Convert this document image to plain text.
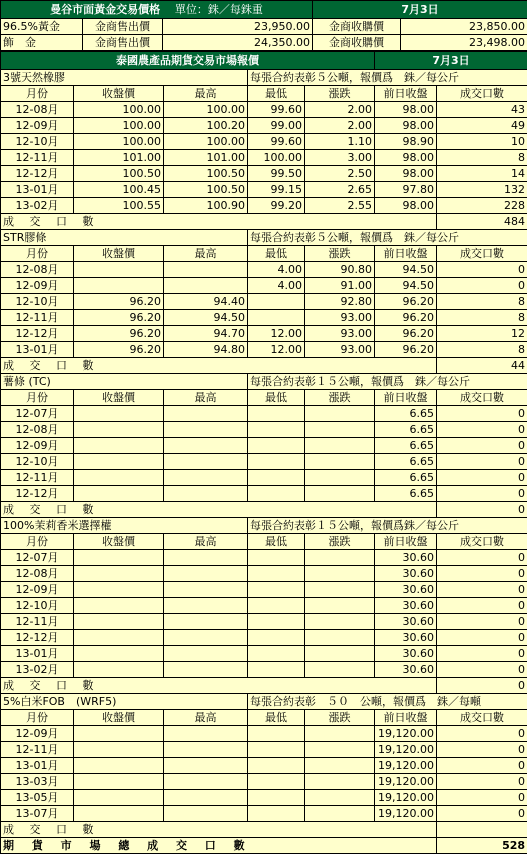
曼谷市面黃金交易價格　 單位：銖／每銖重			7月3日	
96.5%黃金	金商售出價	23,950.00	金商收購價	23,850.00
飾　金	金商售出價	24,350.00	金商收購價	23,498.00
泰國農產品期貨交易市場報價					7月3日	
3號天然橡膠			每張合約表彰５公噸，報價爲　銖／每公斤			
月份	收盤價	最高	最低	漲跌	前日收盤	成交口數
12-08月	100.00	100.00	99.60	2.00	98.00	43
12-09月	100.00	100.20	99.00	2.00	98.00	49
12-10月	100.00	100.00	99.60	1.10	98.90	10
12-11月	101.00	101.00	100.00	3.00	98.00	8
12-12月	100.50	100.50	99.50	2.50	98.00	14
13-01月	100.45	100.50	99.15	2.65	97.80	132
13-02月	100.55	100.90	99.20	2.55	98.00	228
成 交 口 數						484
STR膠條			每張合約表彰５公噸，報價爲　銖／每公斤			
月份	收盤價	最高	最低	漲跌	前日收盤	成交口數
12-08月			4.00	90.80	94.50	0
12-09月			4.00	91.00	94.50	0
12-10月	96.20	94.40		92.80	96.20	8
12-11月	96.20	94.50		93.00	96.20	8
12-12月	96.20	94.70	12.00	93.00	96.20	12
13-01月	96.20	94.80	12.00	93.00	96.20	8
成 交 口 數						44
薯條 (TC)			每張合約表彰１５公噸，報價爲　銖／每公斤			
月份	收盤價	最高	最低	漲跌	前日收盤	成交口數
12-07月					6.65	0
12-08月					6.65	0
12-09月					6.65	0
12-10月					6.65	0
12-11月					6.65	0
12-12月					6.65	0
成 交 口 數						0
100%茉莉香米選擇權			每張合約表彰１５公噸，報價爲銖／每公斤			
月份	收盤價	最高	最低	漲跌	前日收盤	成交口數
12-07月					30.60	0
12-08月					30.60	0
12-09月					30.60	0
12-10月					30.60	0
12-11月					30.60	0
12-12月					30.60	0
13-01月					30.60	0
13-02月					30.60	0
成 交 口 數						0
5%白米FOB　(WRF5)			每張合約表彰　５０　公噸，報價爲　銖／每噸			
月份	收盤價	最高	最低	漲跌	前日收盤	成交口數
12-09月					19,120.00	0
12-11月					19,120.00	0
13-01月					19,120.00	0
13-03月					19,120.00	0
13-05月					19,120.00	0
13-07月					19,120.00	0
成 交 口 數						
期 貨 市 場 總 成 交 口 數						528
